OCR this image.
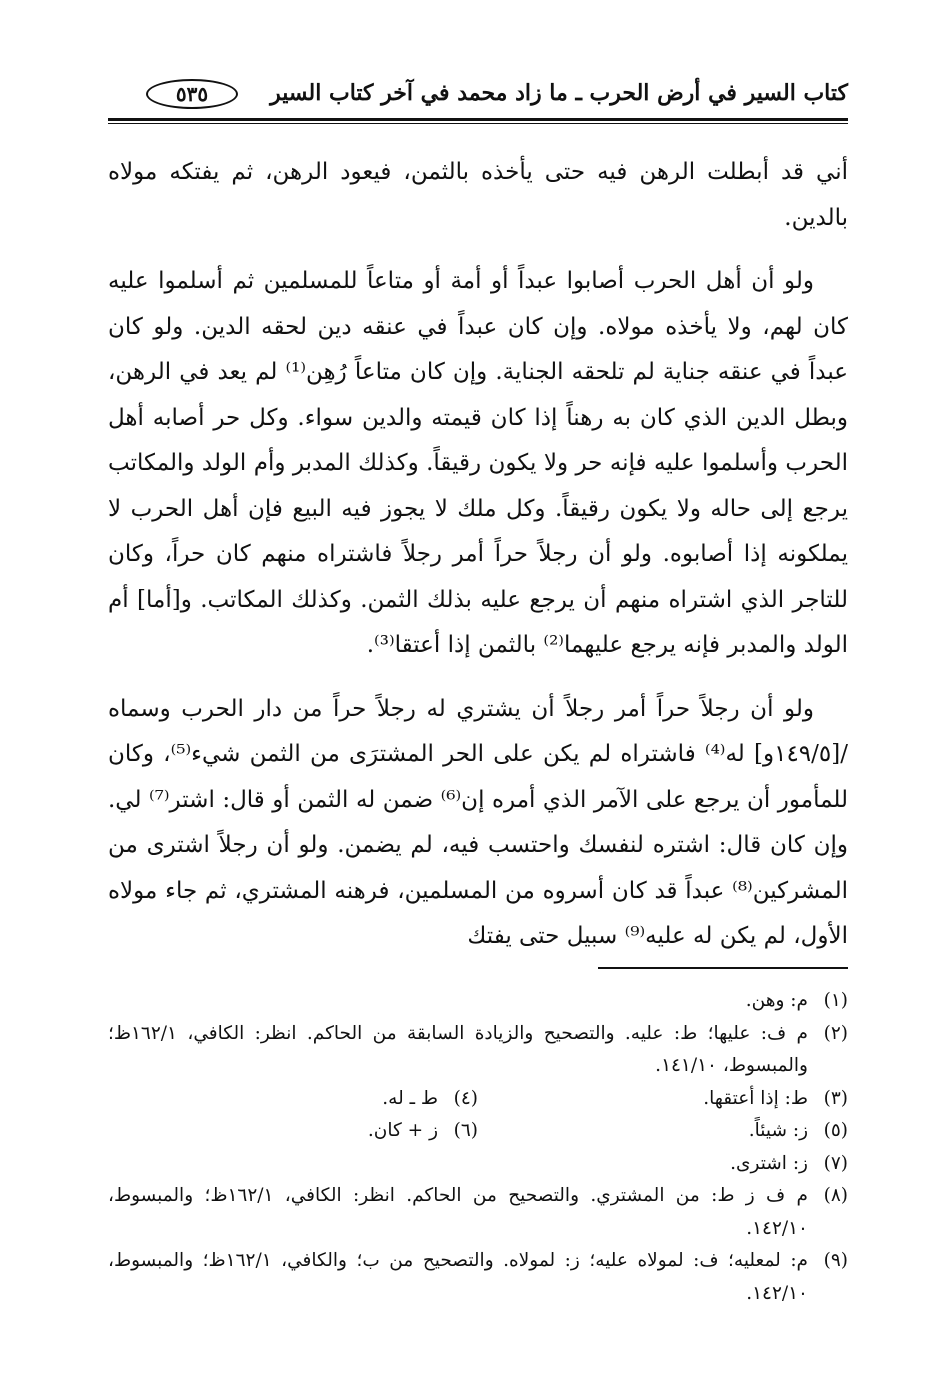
كتاب السير في أرض الحرب ـ ما زاد محمد في آخر كتاب السير
٥٣٥

أني قد أبطلت الرهن فيه حتى يأخذه بالثمن، فيعود الرهن، ثم يفتكه مولاه بالدين.

ولو أن أهل الحرب أصابوا عبداً أو أمة أو متاعاً للمسلمين ثم أسلموا عليه كان لهم، ولا يأخذه مولاه. وإن كان عبداً في عنقه دين لحقه الدين. ولو كان عبداً في عنقه جناية لم تلحقه الجناية. وإن كان متاعاً رُهِن⁽¹⁾ لم يعد في الرهن، وبطل الدين الذي كان به رهناً إذا كان قيمته والدين سواء. وكل حر أصابه أهل الحرب وأسلموا عليه فإنه حر ولا يكون رقيقاً. وكذلك المدبر وأم الولد والمكاتب يرجع إلى حاله ولا يكون رقيقاً. وكل ملك لا يجوز فيه البيع فإن أهل الحرب لا يملكونه إذا أصابوه. ولو أن رجلاً حراً أمر رجلاً فاشتراه منهم كان حراً، وكان للتاجر الذي اشتراه منهم أن يرجع عليه بذلك الثمن. وكذلك المكاتب. و[أما] أم الولد والمدبر فإنه يرجع عليهما⁽²⁾ بالثمن إذا أعتقا⁽³⁾.

ولو أن رجلاً حراً أمر رجلاً أن يشتري له رجلاً حراً من دار الحرب وسماه /[١٤٩/٥و] له⁽⁴⁾ فاشتراه لم يكن على الحر المشترَى من الثمن شيء⁽⁵⁾، وكان للمأمور أن يرجع على الآمر الذي أمره إن⁽⁶⁾ ضمن له الثمن أو قال: اشتر⁽⁷⁾ لي. وإن كان قال: اشتره لنفسك واحتسب فيه، لم يضمن. ولو أن رجلاً اشترى من المشركين⁽⁸⁾ عبداً قد كان أسروه من المسلمين، فرهنه المشتري، ثم جاء مولاه الأول، لم يكن له عليه⁽⁹⁾ سبيل حتى يفتك

(١)
م: وهن.
(٢)
م ف: عليها؛ ط: عليه. والتصحيح والزيادة السابقة من الحاكم. انظر: الكافي، ١٦٢/١ظ؛ والمبسوط، ١٤١/١٠.
(٣)
ط: إذا أعتقها.
(٤)
ط ـ له.
(٥)
ز: شيئاً.
(٦)
ز + كان.
(٧)
ز: اشترى.
(٨)
م ف ز ط: من المشتري. والتصحيح من الحاكم. انظر: الكافي، ١٦٢/١ظ؛ والمبسوط، ١٤٢/١٠.
(٩)
م: لمعليه؛ ف: لمولاه عليه؛ ز: لمولاه. والتصحيح من ب؛ والكافي، ١٦٢/١ظ؛ والمبسوط، ١٤٢/١٠.
